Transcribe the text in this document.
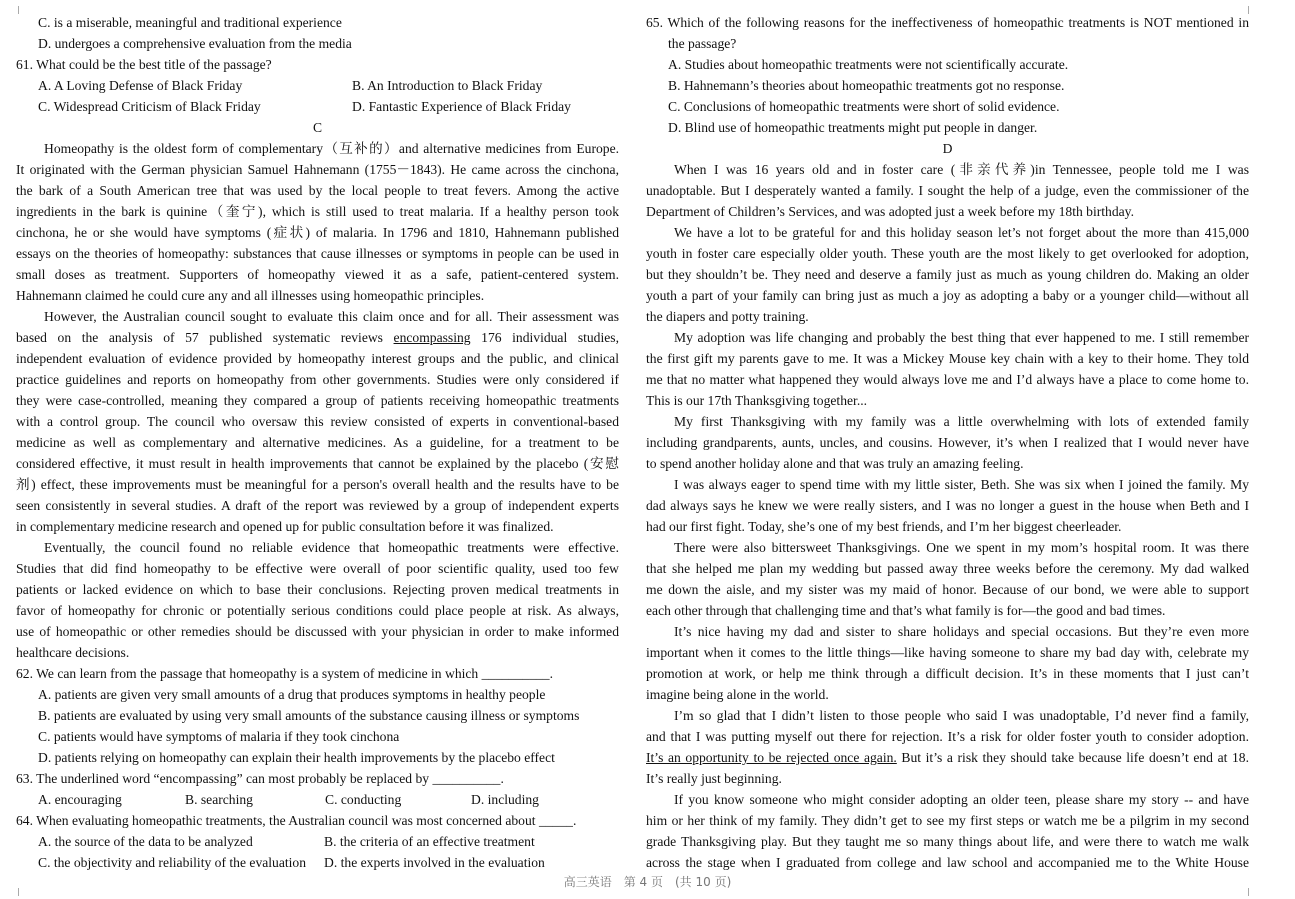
C. is a miserable, meaningful and traditional experience
D. undergoes a comprehensive evaluation from the media
61. What could be the best title of the passage?
A. A Loving Defense of Black Friday	B. An Introduction to Black Friday
C. Widespread Criticism of Black Friday	D. Fantastic Experience of Black Friday
C
Homeopathy is the oldest form of complementary（互补的）and alternative medicines from Europe.
It originated with the German physician Samuel Hahnemann (1755－1843). He came across the cinchona,
the bark of a South American tree that was used by the local people to treat fevers. Among the active
ingredients in the bark is quinine（奎宁), which is still used to treat malaria. If a healthy person took
cinchona, he or she would have symptoms (症状) of malaria. In 1796 and 1810, Hahnemann published
essays on the theories of homeopathy: substances that cause illnesses or symptoms in people can be used in
small doses as treatment. Supporters of homeopathy viewed it as a safe, patient-centered system.
Hahnemann claimed he could cure any and all illnesses using homeopathic principles.
However, the Australian council sought to evaluate this claim once and for all. Their assessment was
based on the analysis of 57 published systematic reviews encompassing 176 individual studies,
independent evaluation of evidence provided by homeopathy interest groups and the public, and clinical
practice guidelines and reports on homeopathy from other governments. Studies were only considered if
they were case-controlled, meaning they compared a group of patients receiving homeopathic treatments
with a control group. The council who oversaw this review consisted of experts in conventional-based
medicine as well as complementary and alternative medicines. As a guideline, for a treatment to be
considered effective, it must result in health improvements that cannot be explained by the placebo (安慰
剂) effect, these improvements must be meaningful for a person's overall health and the results have to be
seen consistently in several studies. A draft of the report was reviewed by a group of independent experts
in complementary medicine research and opened up for public consultation before it was finalized.
Eventually, the council found no reliable evidence that homeopathic treatments were effective.
Studies that did find homeopathy to be effective were overall of poor scientific quality, used too few
patients or lacked evidence on which to base their conclusions. Rejecting proven medical treatments in
favor of homeopathy for chronic or potentially serious conditions could place people at risk. As always,
use of homeopathic or other remedies should be discussed with your physician in order to make informed
healthcare decisions.
62. We can learn from the passage that homeopathy is a system of medicine in which __________.
A. patients are given very small amounts of a drug that produces symptoms in healthy people
B. patients are evaluated by using very small amounts of the substance causing illness or symptoms
C. patients would have symptoms of malaria if they took cinchona
D. patients relying on homeopathy can explain their health improvements by the placebo effect
63. The underlined word “encompassing” can most probably be replaced by __________.
A. encouraging	B. searching	C. conducting	D. including
64. When evaluating homeopathic treatments, the Australian council was most concerned about _____.
A. the source of the data to be analyzed	B. the criteria of an effective treatment
C. the objectivity and reliability of the evaluation	D. the experts involved in the evaluation
65. Which of the following reasons for the ineffectiveness of homeopathic treatments is NOT mentioned in
the passage?
A. Studies about homeopathic treatments were not scientifically accurate.
B. Hahnemann’s theories about homeopathic treatments got no response.
C. Conclusions of homeopathic treatments were short of solid evidence.
D. Blind use of homeopathic treatments might put people in danger.
D
When I was 16 years old and in foster care (非亲代养)in Tennessee, people told me I was
unadoptable. But I desperately wanted a family. I sought the help of a judge, even the commissioner of the
Department of Children’s Services, and was adopted just a week before my 18th birthday.
We have a lot to be grateful for and this holiday season let’s not forget about the more than 415,000
youth in foster care especially older youth. These youth are the most likely to get overlooked for adoption,
but they shouldn’t be. They need and deserve a family just as much as young children do. Making an older
youth a part of your family can bring just as much a joy as adopting a baby or a younger child—without all
the diapers and potty training.
My adoption was life changing and probably the best thing that ever happened to me. I still remember
the first gift my parents gave to me. It was a Mickey Mouse key chain with a key to their home. They told
me that no matter what happened they would always love me and I’d always have a place to come home to.
This is our 17th Thanksgiving together...
My first Thanksgiving with my family was a little overwhelming with lots of extended family
including grandparents, aunts, uncles, and cousins. However, it’s when I realized that I would never have
to spend another holiday alone and that was truly an amazing feeling.
I was always eager to spend time with my little sister, Beth. She was six when I joined the family. My
dad always says he knew we were really sisters, and I was no longer a guest in the house when Beth and I
had our first fight. Today, she’s one of my best friends, and I’m her biggest cheerleader.
There were also bittersweet Thanksgivings. One we spent in my mom’s hospital room. It was there
that she helped me plan my wedding but passed away three weeks before the ceremony. My dad walked
me down the aisle, and my sister was my maid of honor. Because of our bond, we were able to support
each other through that challenging time and that’s what family is for—the good and bad times.
It’s nice having my dad and sister to share holidays and special occasions. But they’re even more
important when it comes to the little things—like having someone to share my bad day with, celebrate my
promotion at work, or help me think through a difficult decision. It’s in these moments that I just can’t
imagine being alone in the world.
I’m so glad that I didn’t listen to those people who said I was unadoptable, I’d never find a family,
and that I was putting myself out there for rejection. It’s a risk for older foster youth to consider adoption.
It’s an opportunity to be rejected once again. But it’s a risk they should take because life doesn’t end at 18.
It’s really just beginning.
If you know someone who might consider adopting an older teen, please share my story -- and have
him or her think of my family. They didn’t get to see my first steps or watch me be a pilgrim in my second
grade Thanksgiving play. But they taught me so many things about life, and were there to watch me walk
across the stage when I graduated from college and law school and accompanied me to the White House
高三英语　第 4 页　(共 10 页)
